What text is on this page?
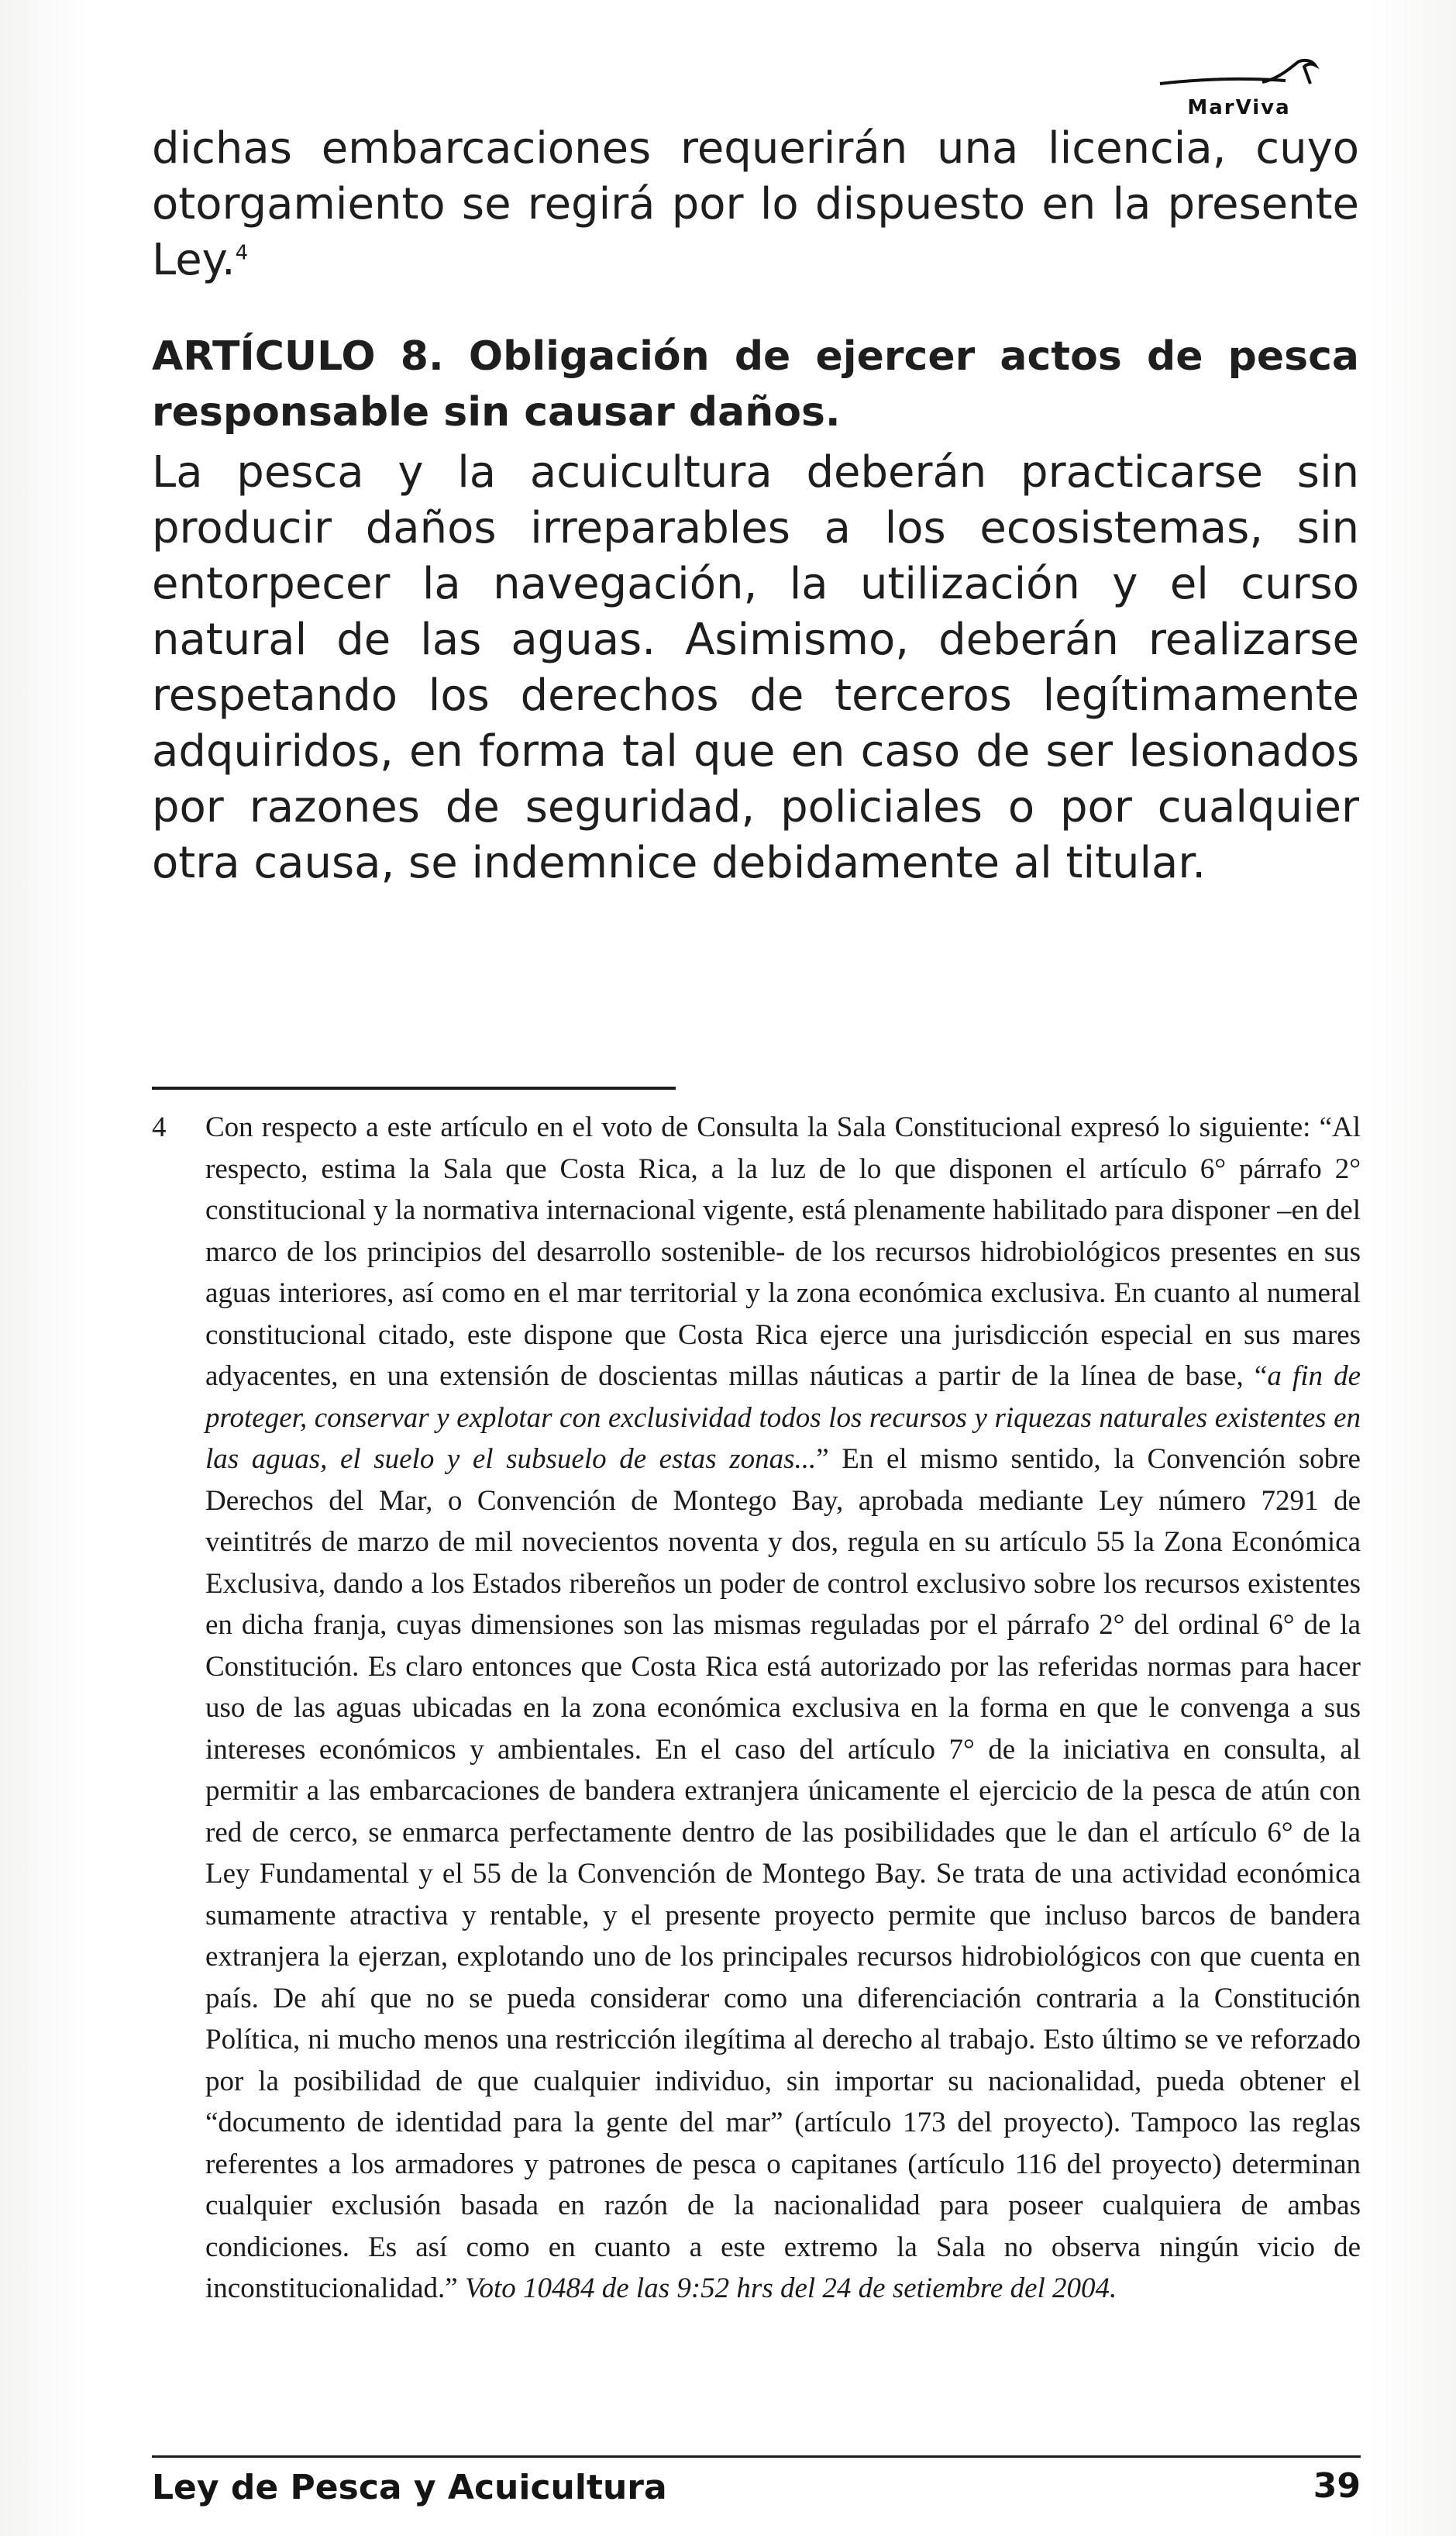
MarViva

dichas embarcaciones requerirán una licencia, cuyo otorgamiento se regirá por lo dispuesto en la presente Ley.$^4$

ARTÍCULO 8. Obligación de ejercer actos de pesca responsable sin causar daños.

La pesca y la acuicultura deberán practicarse sin producir daños irreparables a los ecosistemas, sin entorpecer la navegación, la utilización y el curso natural de las aguas. Asimismo, deberán realizarse respetando los derechos de terceros legítimamente adquiridos, en forma tal que en caso de ser lesionados por razones de seguridad, policiales o por cualquier otra causa, se indemnice debidamente al titular.

4	Con respecto a este artículo en el voto de Consulta la Sala Constitucional expresó lo siguiente: “Al respecto, estima la Sala que Costa Rica, a la luz de lo que disponen el artículo 6° párrafo 2° constitucional y la normativa internacional vigente, está plenamente habilitado para disponer –en del marco de los principios del desarrollo sostenible- de los recursos hidrobiológicos presentes en sus aguas interiores, así como en el mar territorial y la zona económica exclusiva. En cuanto al numeral constitucional citado, este dispone que Costa Rica ejerce una jurisdicción especial en sus mares adyacentes, en una extensión de doscientas millas náuticas a partir de la línea de base, “a fin de proteger, conservar y explotar con exclusividad todos los recursos y riquezas naturales existentes en las aguas, el suelo y el subsuelo de estas zonas...” En el mismo sentido, la Convención sobre Derechos del Mar, o Convención de Montego Bay, aprobada mediante Ley número 7291 de veintitrés de marzo de mil novecientos noventa y dos, regula en su artículo 55 la Zona Económica Exclusiva, dando a los Estados ribereños un poder de control exclusivo sobre los recursos existentes en dicha franja, cuyas dimensiones son las mismas reguladas por el párrafo 2° del ordinal 6° de la Constitución. Es claro entonces que Costa Rica está autorizado por las referidas normas para hacer uso de las aguas ubicadas en la zona económica exclusiva en la forma en que le convenga a sus intereses económicos y ambientales. En el caso del artículo 7° de la iniciativa en consulta, al permitir a las embarcaciones de bandera extranjera únicamente el ejercicio de la pesca de atún con red de cerco, se enmarca perfectamente dentro de las posibilidades que le dan el artículo 6° de la Ley Fundamental y el 55 de la Convención de Montego Bay. Se trata de una actividad económica sumamente atractiva y rentable, y el presente proyecto permite que incluso barcos de bandera extranjera la ejerzan, explotando uno de los principales recursos hidrobiológicos con que cuenta en país. De ahí que no se pueda considerar como una diferenciación contraria a la Constitución Política, ni mucho menos una restricción ilegítima al derecho al trabajo. Esto último se ve reforzado por la posibilidad de que cualquier individuo, sin importar su nacionalidad, pueda obtener el “documento de identidad para la gente del mar” (artículo 173 del proyecto). Tampoco las reglas referentes a los armadores y patrones de pesca o capitanes (artículo 116 del proyecto) determinan cualquier exclusión basada en razón de la nacionalidad para poseer cualquiera de ambas condiciones. Es así como en cuanto a este extremo la Sala no observa ningún vicio de inconstitucionalidad.” Voto 10484 de las 9:52 hrs del 24 de setiembre del 2004.
Ley de Pesca y Acuicultura	39
